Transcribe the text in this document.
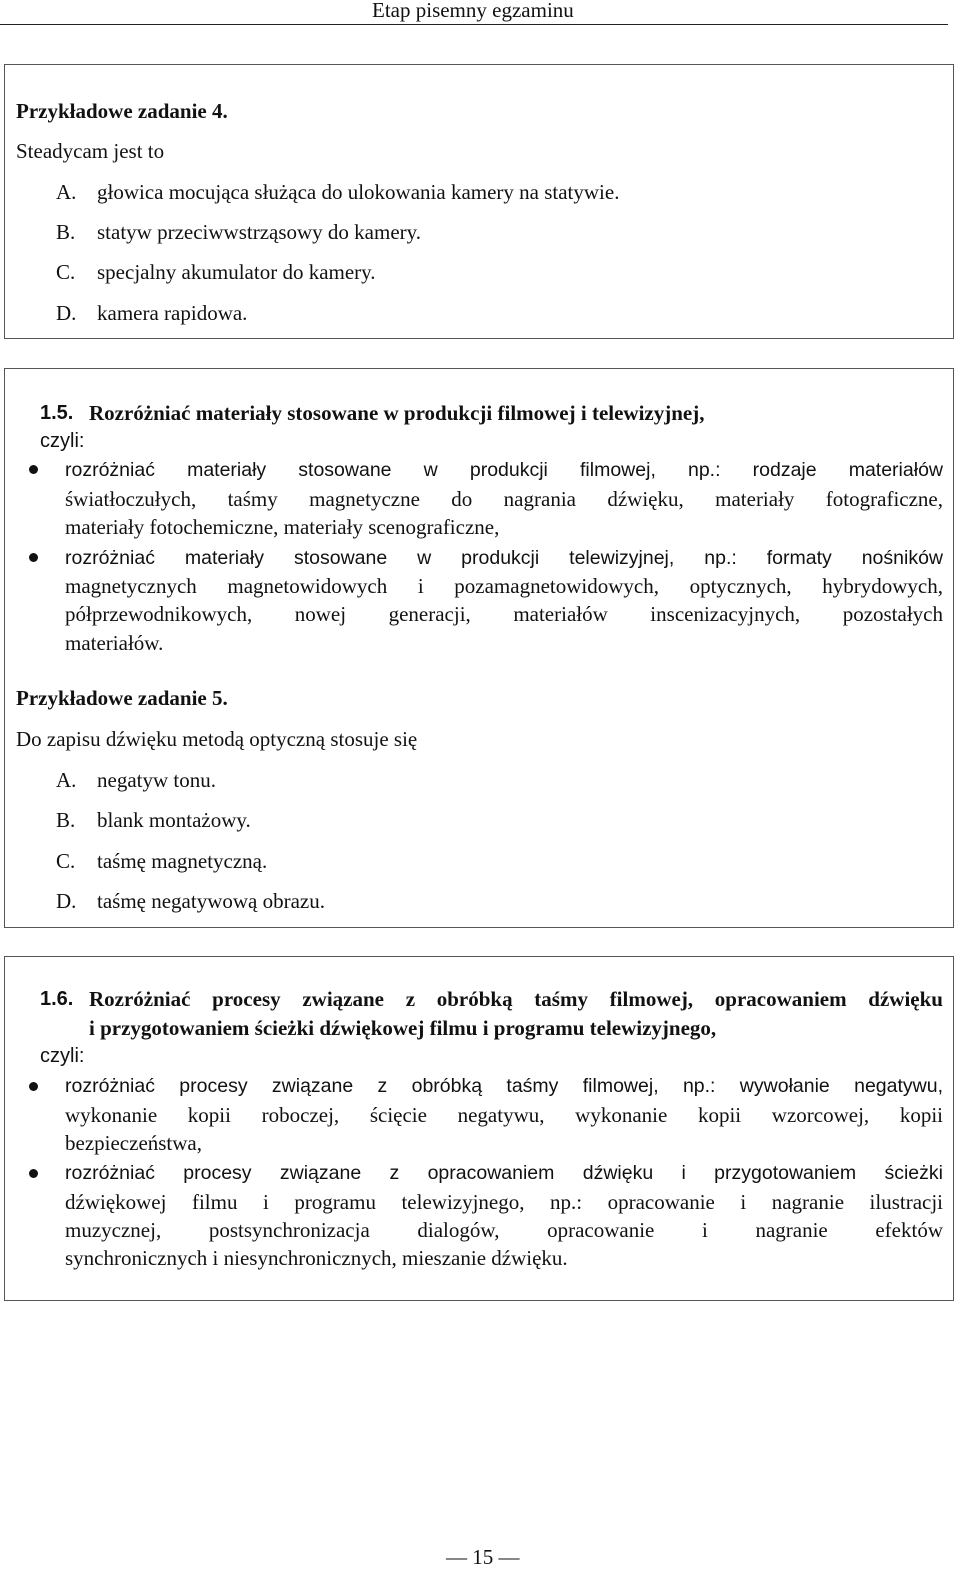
Etap pisemny egzaminu
Przykładowe zadanie 4.
Steadycam jest to
A. głowica mocująca służąca do ulokowania kamery na statywie.
B. statyw przeciwwstrząsowy do kamery.
C. specjalny akumulator do kamery.
D. kamera rapidowa.
1.5. Rozróżniać materiały stosowane w produkcji filmowej i telewizyjnej,
czyli:
rozróżniać materiały stosowane w produkcji filmowej, np.: rodzaje materiałów
światłoczułych, taśmy magnetyczne do nagrania dźwięku, materiały fotograficzne,
materiały fotochemiczne, materiały scenograficzne,
rozróżniać materiały stosowane w produkcji telewizyjnej, np.: formaty nośników
magnetycznych magnetowidowych i pozamagnetowidowych, optycznych, hybrydowych,
półprzewodnikowych, nowej generacji, materiałów inscenizacyjnych, pozostałych
materiałów.
Przykładowe zadanie 5.
Do zapisu dźwięku metodą optyczną stosuje się
A. negatyw tonu.
B. blank montażowy.
C. taśmę magnetyczną.
D. taśmę negatywową obrazu.
1.6. Rozróżniać procesy związane z obróbką taśmy filmowej, opracowaniem dźwięku
i przygotowaniem ścieżki dźwiękowej filmu i programu telewizyjnego,
czyli:
rozróżniać procesy związane z obróbką taśmy filmowej, np.: wywołanie negatywu,
wykonanie kopii roboczej, ścięcie negatywu, wykonanie kopii wzorcowej, kopii
bezpieczeństwa,
rozróżniać procesy związane z opracowaniem dźwięku i przygotowaniem ścieżki
dźwiękowej filmu i programu telewizyjnego, np.: opracowanie i nagranie ilustracji
muzycznej, postsynchronizacja dialogów, opracowanie i nagranie efektów
synchronicznych i niesynchronicznych, mieszanie dźwięku.
— 15 —
